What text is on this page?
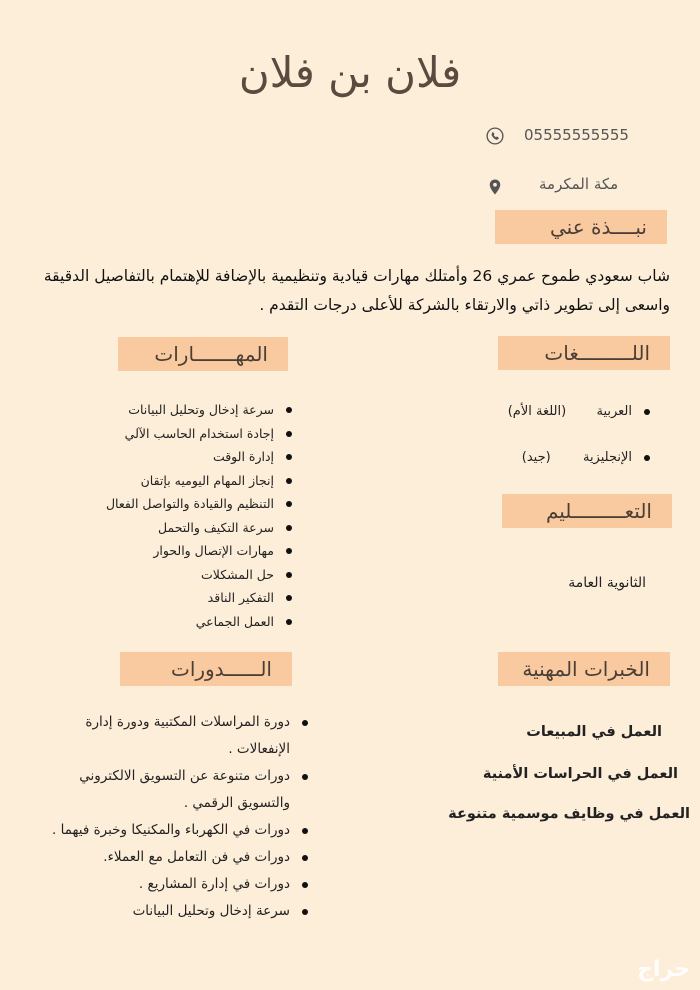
فلان بن فلان
05555555555
مكة المكرمة
نبــــذة عني
شاب سعودي طموح عمري 26 وأمتلك مهارات قيادية وتنظيمية بالإضافة للإهتمام بالتفاصيل الدقيقة واسعى إلى تطوير ذاتي والارتقاء بالشركة للأعلى درجات التقدم .
المهـــــــارات
سرعة إدخال وتحليل البيانات
إجادة استخدام الحاسب الآلي
إدارة الوقت
إنجاز المهام اليوميه بإتقان
التنظيم والقيادة والتواصل الفعال
سرعة التكيف والتحمل
مهارات الإتصال والحوار
حل المشكلات
التفكير الناقد
العمل الجماعي
اللـــــــــغات
العربية  (اللغة الأم)
الإنجليزية  (جيد)
التعـــــــــليم
الثانوية العامة
الــــــدورات
دورة المراسلات المكتبية ودورة إدارة الإنفعالات .
دورات متنوعة عن التسويق الالكتروني والتسويق الرقمي .
دورات في الكهرباء والمكنيكا وخبرة فيهما .
دورات في فن التعامل مع العملاء.
دورات في إدارة المشاريع .
سرعة إدخال وتحليل البيانات
الخبرات المهنية
العمل في المبيعات
العمل في الحراسات الأمنية
العمل في وظايف موسمية متنوعة
حراج
